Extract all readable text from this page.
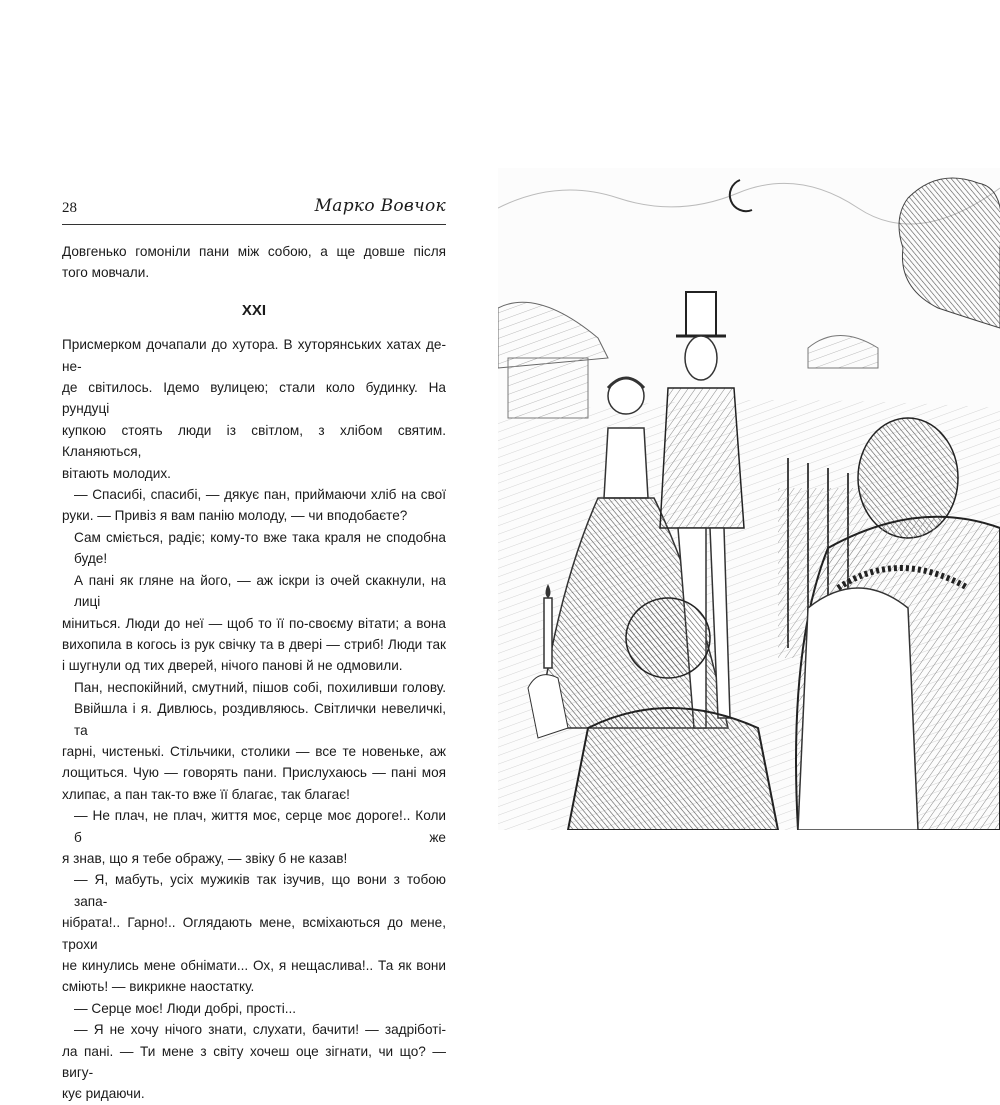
28	Марко Вовчок
Довгенько гомоніли пани між собою, а ще довше після
того мовчали.
XXI
Присмерком дочапали до хутора. В хуторянських хатах де-не-
де світилось. Ідемо вулицею; стали коло будинку. На рундуці
купкою стоять люди із світлом, з хлібом святим. Кланяються,
вітають молодих.
— Спасибі, спасибі, — дякує пан, приймаючи хліб на свої
руки. — Привіз я вам панію молоду, — чи вподобаєте?
Сам сміється, радіє; кому-то вже така краля не сподобна буде!
А пані як гляне на його, — аж іскри із очей скакнули, на лиці
міниться. Люди до неї — щоб то її по-своєму вітати; а вона
вихопила в когось із рук свічку та в двері — стриб! Люди так
і шугнули од тих дверей, нічого панові й не одмовили.
Пан, неспокійний, смутний, пішов собі, похиливши голову.
Ввійшла і я. Дивлюсь, роздивляюсь. Світлички невеличкі, та
гарні, чистенькі. Стільчики, столики — все те новеньке, аж
лощиться. Чую — говорять пани. Прислухаюсь — пані моя
хлипає, а пан так-то вже її благає, так благає!
— Не плач, не плач, життя моє, серце моє дороге!.. Коли б же
я знав, що я тебе ображу, — звіку б не казав!
— Я, мабуть, усіх мужиків так ізучив, що вони з тобою запа-
нібрата!.. Гарно!.. Оглядають мене, всміхаються до мене, трохи
не кинулись мене обнімати... Ох, я нещаслива!.. Та як вони
сміють! — викрикне наостатку.
— Серце моє! Люди добрі, прості...
— Я не хочу нічого знати, слухати, бачити! — задріботі-
ла пані. — Ти мене з світу хочеш оце зігнати, чи що? — вигу-
кує ридаючи.
